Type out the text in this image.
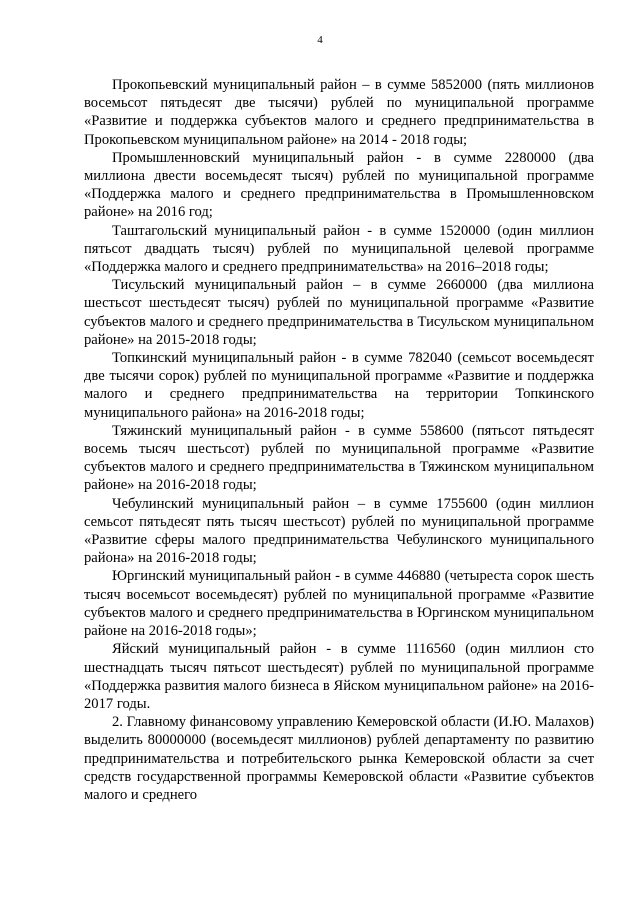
4

Прокопьевский муниципальный район – в сумме 5852000 (пять миллионов восемьсот пятьдесят две тысячи) рублей по муниципальной программе «Развитие и поддержка субъектов малого и среднего предпринимательства в Прокопьевском муниципальном районе» на 2014 - 2018 годы;

Промышленновский муниципальный район - в сумме 2280000 (два миллиона двести восемьдесят тысяч) рублей по муниципальной программе «Поддержка малого и среднего предпринимательства в Промышленновском районе» на 2016 год;

Таштагольский муниципальный район - в сумме 1520000 (один миллион пятьсот двадцать тысяч) рублей по муниципальной целевой программе «Поддержка малого и среднего предпринимательства» на 2016–2018 годы;

Тисульский муниципальный район – в сумме 2660000 (два миллиона шестьсот шестьдесят тысяч) рублей по муниципальной программе «Развитие субъектов малого и среднего предпринимательства в Тисульском муниципальном районе» на 2015-2018 годы;

Топкинский муниципальный район - в сумме 782040 (семьсот восемьдесят две тысячи сорок) рублей по муниципальной программе «Развитие и поддержка малого и среднего предпринимательства на территории Топкинского муниципального района» на 2016-2018 годы;

Тяжинский муниципальный район - в сумме 558600 (пятьсот пятьдесят восемь тысяч шестьсот) рублей по муниципальной программе «Развитие субъектов малого и среднего предпринимательства в Тяжинском муниципальном районе» на 2016-2018 годы;

Чебулинский муниципальный район – в сумме 1755600 (один миллион семьсот пятьдесят пять тысяч шестьсот) рублей по муниципальной программе «Развитие сферы малого предпринимательства Чебулинского муниципального района» на 2016-2018 годы;

Юргинский муниципальный район - в сумме 446880 (четыреста сорок шесть тысяч восемьсот восемьдесят) рублей по муниципальной программе «Развитие субъектов малого и среднего предпринимательства в Юргинском муниципальном районе на 2016-2018 годы»;

Яйский муниципальный район - в сумме 1116560 (один миллион сто шестнадцать тысяч пятьсот шестьдесят) рублей по муниципальной программе «Поддержка развития малого бизнеса в Яйском муниципальном районе» на 2016-2017 годы.

2. Главному финансовому управлению Кемеровской области (И.Ю. Малахов) выделить 80000000 (восемьдесят миллионов) рублей департаменту по развитию предпринимательства и потребительского рынка Кемеровской области за счет средств государственной программы Кемеровской области «Развитие субъектов малого и среднего
